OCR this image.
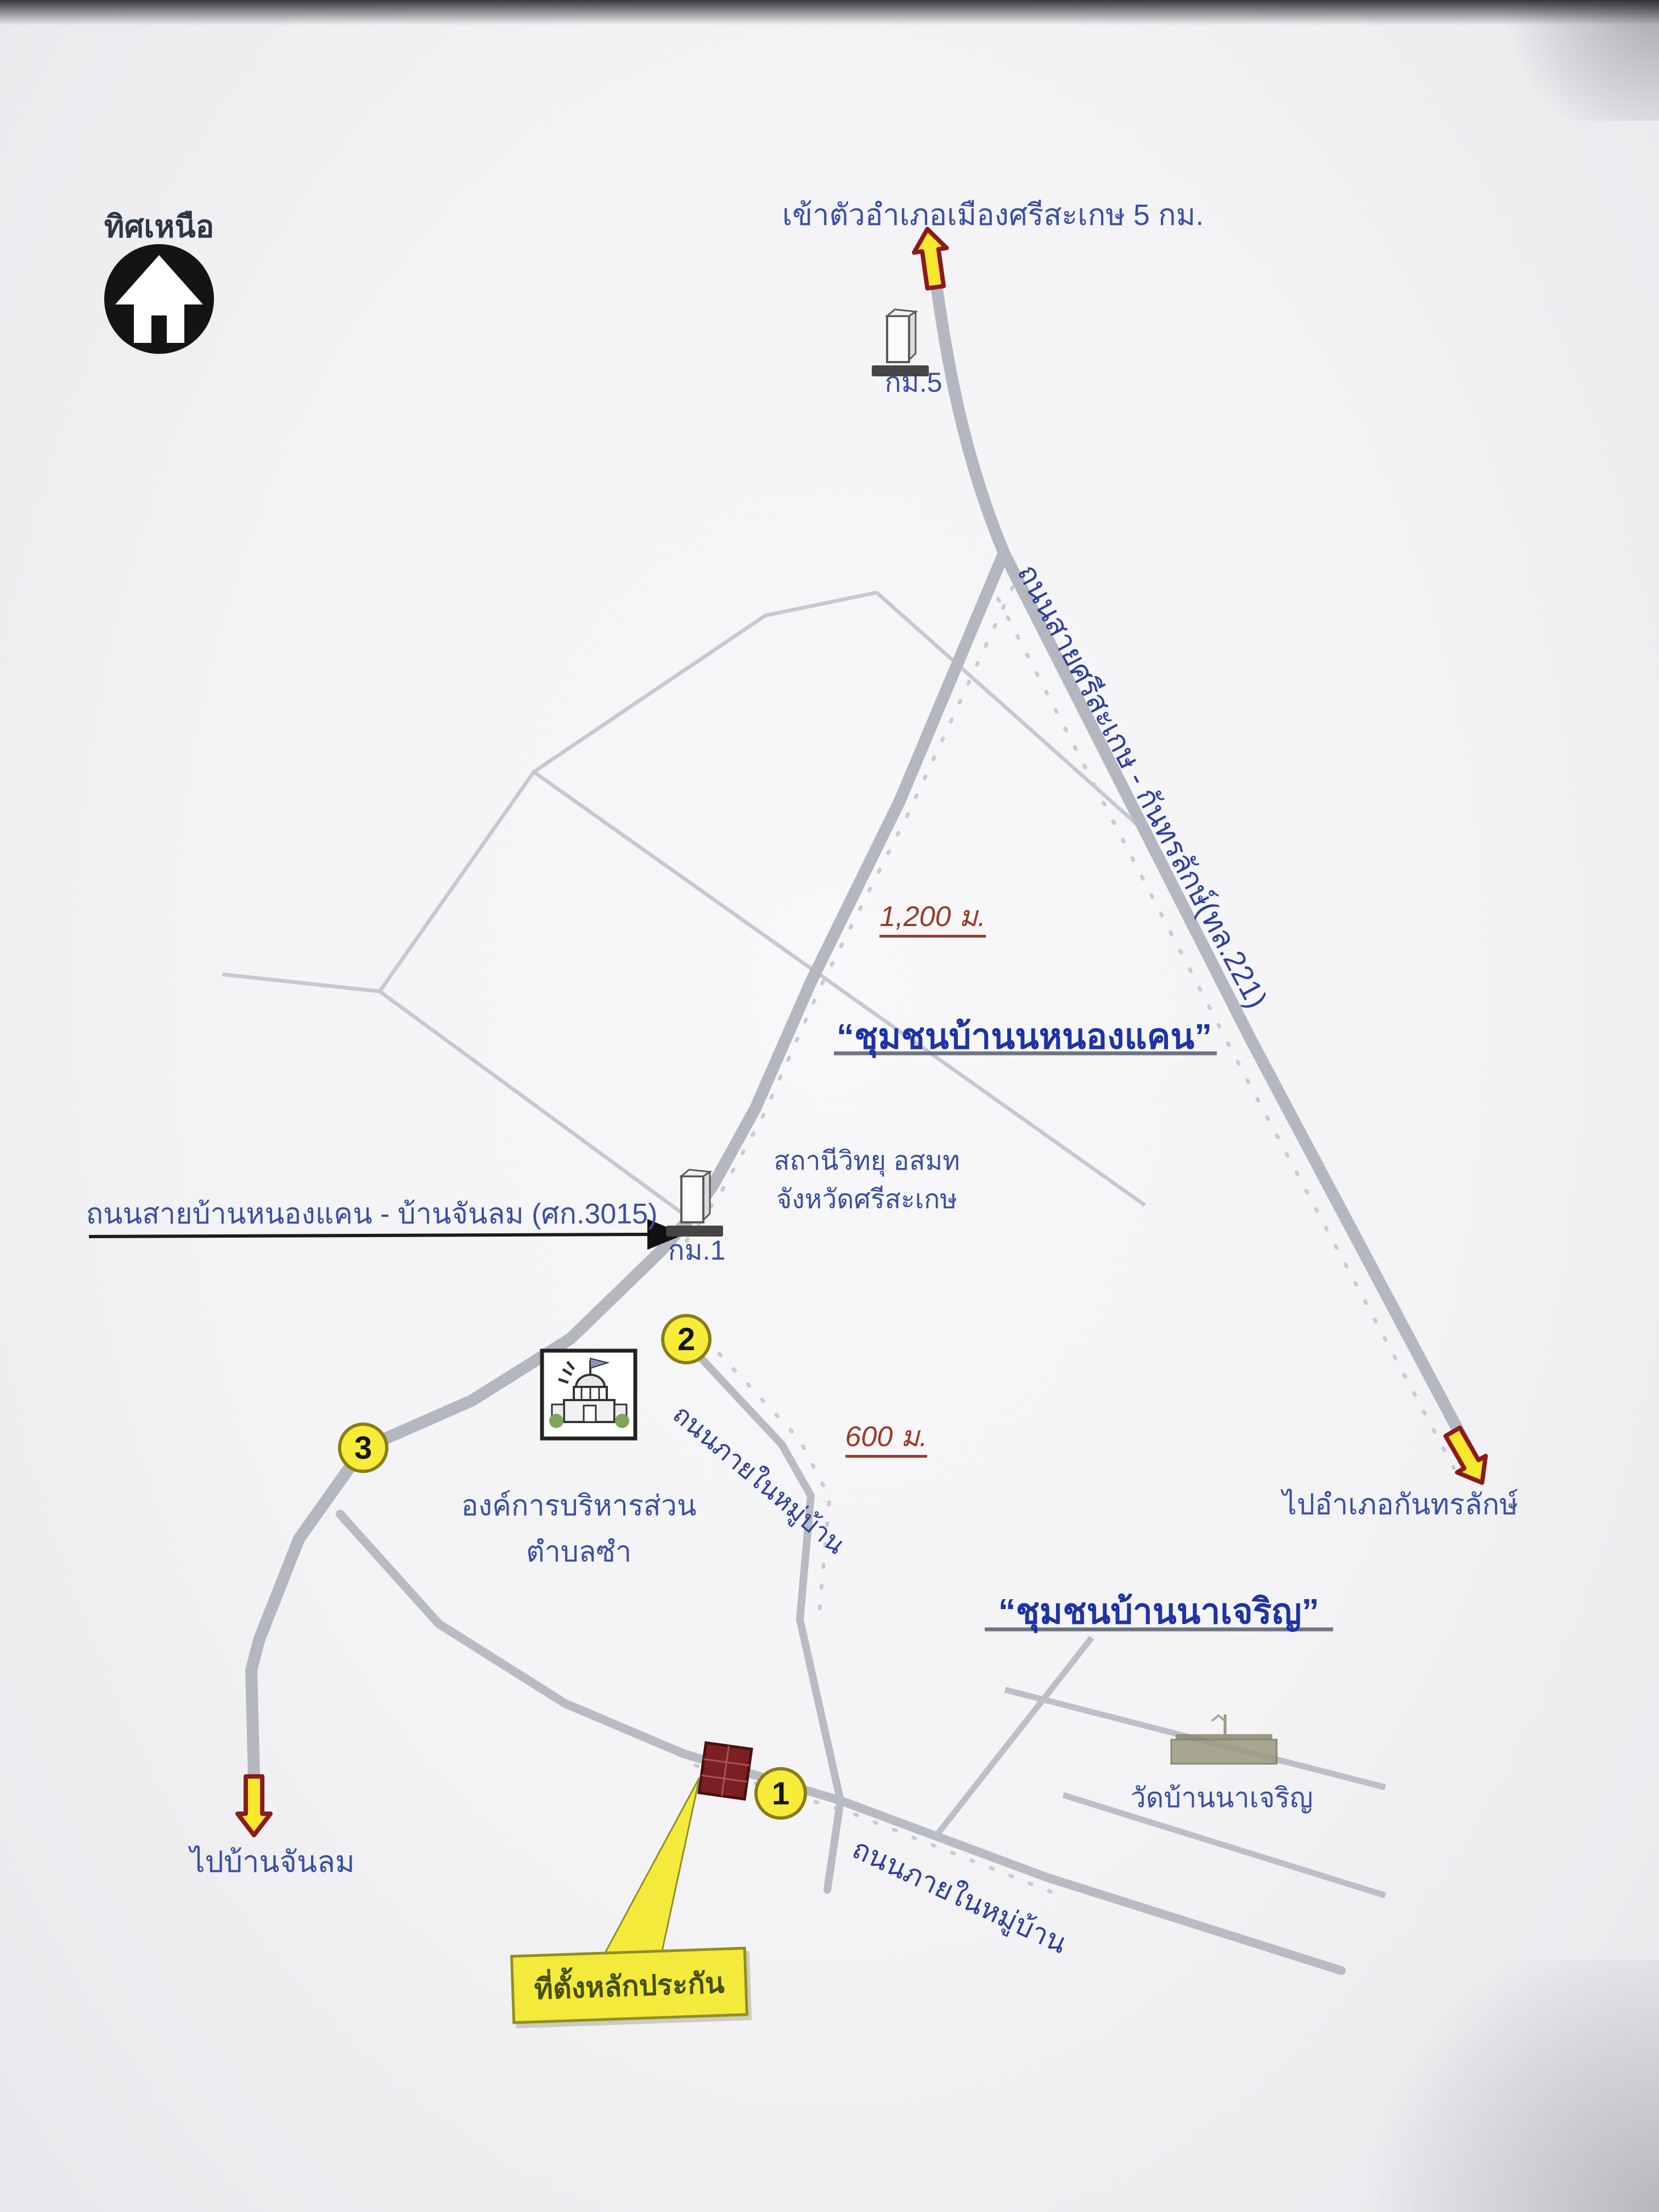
ทิศเหนือ	เข้าตัวอำเภอเมืองศรีสะเกษ 5 กม.
กม.5
ถนนสายศรีสะเกษ - กันทรลักษ์(ทล.221)
1,200 ม.
“ชุมชนบ้านนหนองแคน”
สถานีวิทยุ อสมท
จังหวัดศรีสะเกษ
กม.1
ถนนสายบ้านหนองแคน - บ้านจันลม (ศก.3015)
ถนนภายในหมู่บ้าน
600 ม.
องค์การบริหารส่วน
ตำบลซำ
“ชุมชนบ้านนาเจริญ”
ไปอำเภอกันทรลักษ์
วัดบ้านนาเจริญ
ถนนภายในหมู่บ้าน
ไปบ้านจันลม
2
3
1
ที่ตั้งหลักประกัน
